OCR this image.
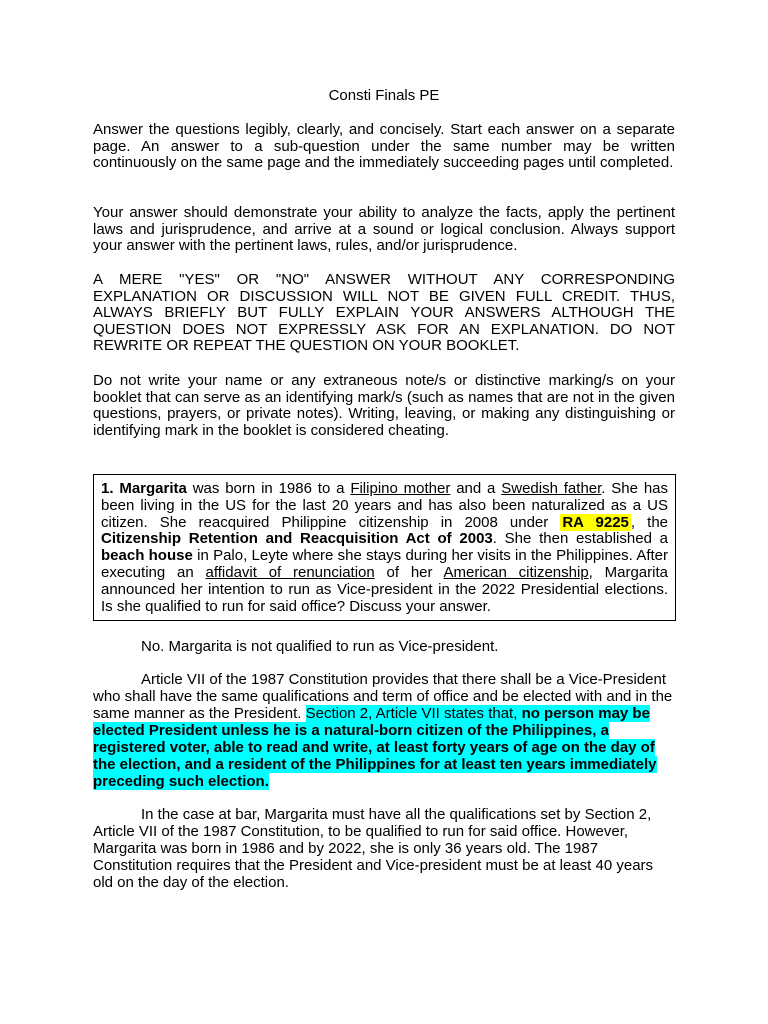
Consti Finals PE

Answer the questions legibly, clearly, and concisely. Start each answer on a separate page. An answer to a sub-question under the same number may be written continuously on the same page and the immediately succeeding pages until completed.

Your answer should demonstrate your ability to analyze the facts, apply the pertinent laws and jurisprudence, and arrive at a sound or logical conclusion. Always support your answer with the pertinent laws, rules, and/or jurisprudence.

A MERE "YES" OR "NO" ANSWER WITHOUT ANY CORRESPONDING EXPLANATION OR DISCUSSION WILL NOT BE GIVEN FULL CREDIT. THUS, ALWAYS BRIEFLY BUT FULLY EXPLAIN YOUR ANSWERS ALTHOUGH THE QUESTION DOES NOT EXPRESSLY ASK FOR AN EXPLANATION. DO NOT REWRITE OR REPEAT THE QUESTION ON YOUR BOOKLET.

Do not write your name or any extraneous note/s or distinctive marking/s on your booklet that can serve as an identifying mark/s (such as names that are not in the given questions, prayers, or private notes). Writing, leaving, or making any distinguishing or identifying mark in the booklet is considered cheating.

1. Margarita was born in 1986 to a Filipino mother and a Swedish father. She has been living in the US for the last 20 years and has also been naturalized as a US citizen. She reacquired Philippine citizenship in 2008 under RA 9225 , the Citizenship Retention and Reacquisition Act of 2003. She then established a beach house in Palo, Leyte where she stays during her visits in the Philippines. After executing an affidavit of renunciation of her American citizenship, Margarita announced her intention to run as Vice-president in the 2022 Presidential elections. Is she qualified to run for said office? Discuss your answer.

No. Margarita is not qualified to run as Vice-president.

Article VII of the 1987 Constitution provides that there shall be a Vice-President who shall have the same qualifications and term of office and be elected with and in the same manner as the President. Section 2, Article VII states that, no person may be elected President unless he is a natural-born citizen of the Philippines, a registered voter, able to read and write, at least forty years of age on the day of the election, and a resident of the Philippines for at least ten years immediately preceding such election.

In the case at bar, Margarita must have all the qualifications set by Section 2, Article VII of the 1987 Constitution, to be qualified to run for said office. However, Margarita was born in 1986 and by 2022, she is only 36 years old. The 1987 Constitution requires that the President and Vice-president must be at least 40 years old on the day of the election.
